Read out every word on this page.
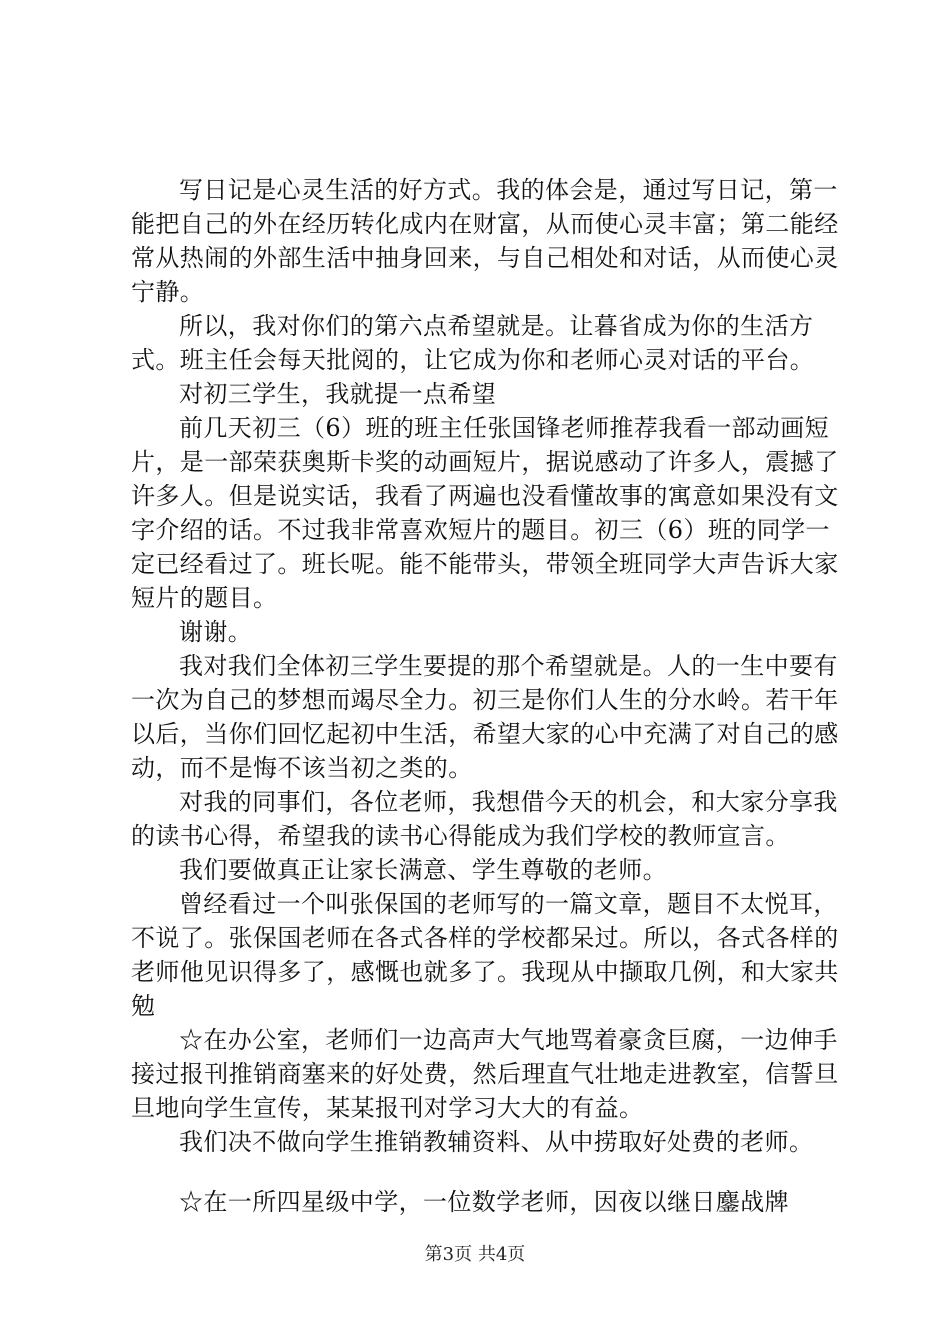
写日记是心灵生活的好方式。我的体会是，通过写日记，第一能把自己的外在经历转化成内在财富，从而使心灵丰富；第二能经常从热闹的外部生活中抽身回来，与自己相处和对话，从而使心灵宁静。

所以，我对你们的第六点希望就是。让暮省成为你的生活方式。班主任会每天批阅的，让它成为你和老师心灵对话的平台。

对初三学生，我就提一点希望

前几天初三（6）班的班主任张国锋老师推荐我看一部动画短片，是一部荣获奥斯卡奖的动画短片，据说感动了许多人，震撼了许多人。但是说实话，我看了两遍也没看懂故事的寓意如果没有文字介绍的话。不过我非常喜欢短片的题目。初三（6）班的同学一定已经看过了。班长呢。能不能带头，带领全班同学大声告诉大家短片的题目。

谢谢。

我对我们全体初三学生要提的那个希望就是。人的一生中要有一次为自己的梦想而竭尽全力。初三是你们人生的分水岭。若干年以后，当你们回忆起初中生活，希望大家的心中充满了对自己的感动，而不是悔不该当初之类的。

对我的同事们，各位老师，我想借今天的机会，和大家分享我的读书心得，希望我的读书心得能成为我们学校的教师宣言。

我们要做真正让家长满意、学生尊敬的老师。

曾经看过一个叫张保国的老师写的一篇文章，题目不太悦耳，不说了。张保国老师在各式各样的学校都呆过。所以，各式各样的老师他见识得多了，感慨也就多了。我现从中撷取几例，和大家共勉

☆在办公室，老师们一边高声大气地骂着豪贪巨腐，一边伸手接过报刊推销商塞来的好处费，然后理直气壮地走进教室，信誓旦旦地向学生宣传，某某报刊对学习大大的有益。

我们决不做向学生推销教辅资料、从中捞取好处费的老师。

☆在一所四星级中学，一位数学老师，因夜以继日鏖战牌

第3页 共4页
